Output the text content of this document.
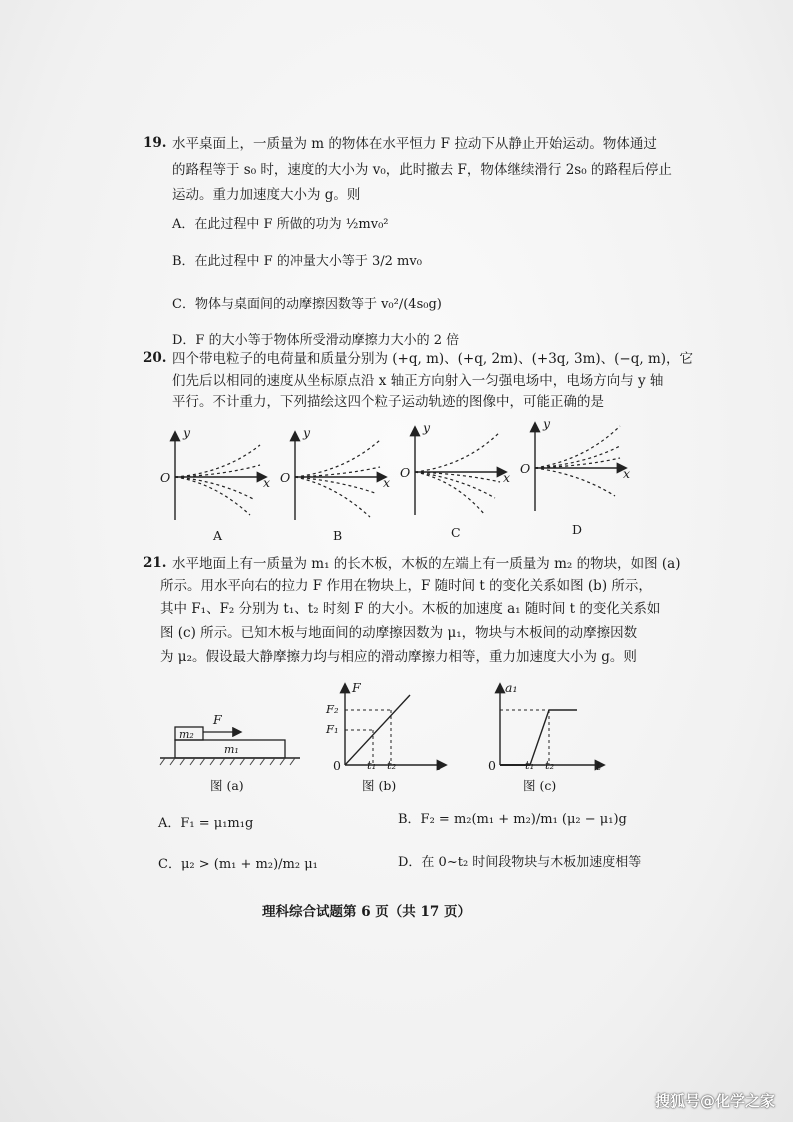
19. 水平桌面上，一质量为 m 的物体在水平恒力 F 拉动下从静止开始运动。物体通过
的路程等于 s₀ 时，速度的大小为 v₀，此时撤去 F，物体继续滑行 2s₀ 的路程后停止
运动。重力加速度大小为 g。则
A．在此过程中 F 所做的功为 ½mv₀²
B．在此过程中 F 的冲量大小等于 3/2 mv₀
C．物体与桌面间的动摩擦因数等于 v₀²/(4s₀g)
D．F 的大小等于物体所受滑动摩擦力大小的 2 倍
20. 四个带电粒子的电荷量和质量分别为 (+q, m)、(+q, 2m)、(+3q, 3m)、(−q, m)，它
们先后以相同的速度从坐标原点沿 x 轴正方向射入一匀强电场中，电场方向与 y 轴
平行。不计重力，下列描绘这四个粒子运动轨迹的图像中，可能正确的是
y
x
O
A
y
x
O
B
y
x
O
C
y
x
O
D
21. 水平地面上有一质量为 m₁ 的长木板，木板的左端上有一质量为 m₂ 的物块，如图 (a)
所示。用水平向右的拉力 F 作用在物块上，F 随时间 t 的变化关系如图 (b) 所示，
其中 F₁、F₂ 分别为 t₁、t₂ 时刻 F 的大小。木板的加速度 a₁ 随时间 t 的变化关系如
图 (c) 所示。已知木板与地面间的动摩擦因数为 μ₁，物块与木板间的动摩擦因数
为 μ₂。假设最大静摩擦力均与相应的滑动摩擦力相等，重力加速度大小为 g。则
F
m₂
m₁
图 (a)
F
t
0
F₂
F₁
t₁ t₂
图 (b)
a₁
t
0	t₁ t₂
图 (c)
A．F₁ = μ₁m₁g	B．F₂ = m₂(m₁ + m₂)/m₁ (μ₂ − μ₁)g
C．μ₂ > (m₁ + m₂)/m₂ μ₁	D．在 0~t₂ 时间段物块与木板加速度相等
理科综合试题第 6 页（共 17 页）
搜狐号@化学之家
